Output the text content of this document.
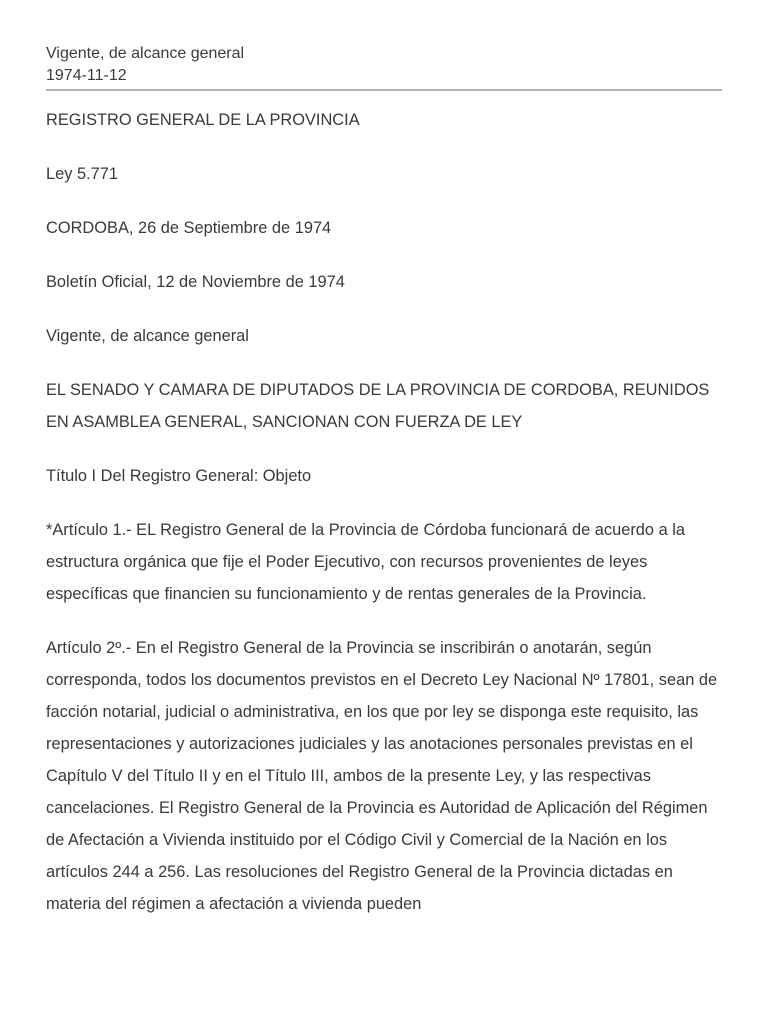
Vigente, de alcance general
1974-11-12

REGISTRO GENERAL DE LA PROVINCIA

Ley 5.771

CORDOBA, 26 de Septiembre de 1974

Boletín Oficial, 12 de Noviembre de 1974

Vigente, de alcance general

EL SENADO Y CAMARA DE DIPUTADOS DE LA PROVINCIA DE CORDOBA, REUNIDOS EN ASAMBLEA GENERAL, SANCIONAN CON FUERZA DE LEY

Título I Del Registro General: Objeto

*Artículo 1.- EL Registro General de la Provincia de Córdoba funcionará de acuerdo a la estructura orgánica que fije el Poder Ejecutivo, con recursos provenientes de leyes específicas que financien su funcionamiento y de rentas generales de la Provincia.

Artículo 2º.- En el Registro General de la Provincia se inscribirán o anotarán, según corresponda, todos los documentos previstos en el Decreto Ley Nacional Nº 17801, sean de facción notarial, judicial o administrativa, en los que por ley se disponga este requisito, las representaciones y autorizaciones judiciales y las anotaciones personales previstas en el Capítulo V del Título II y en el Título III, ambos de la presente Ley, y las respectivas cancelaciones. El Registro General de la Provincia es Autoridad de Aplicación del Régimen de Afectación a Vivienda instituido por el Código Civil y Comercial de la Nación en los artículos 244 a 256. Las resoluciones del Registro General de la Provincia dictadas en materia del régimen a afectación a vivienda pueden
